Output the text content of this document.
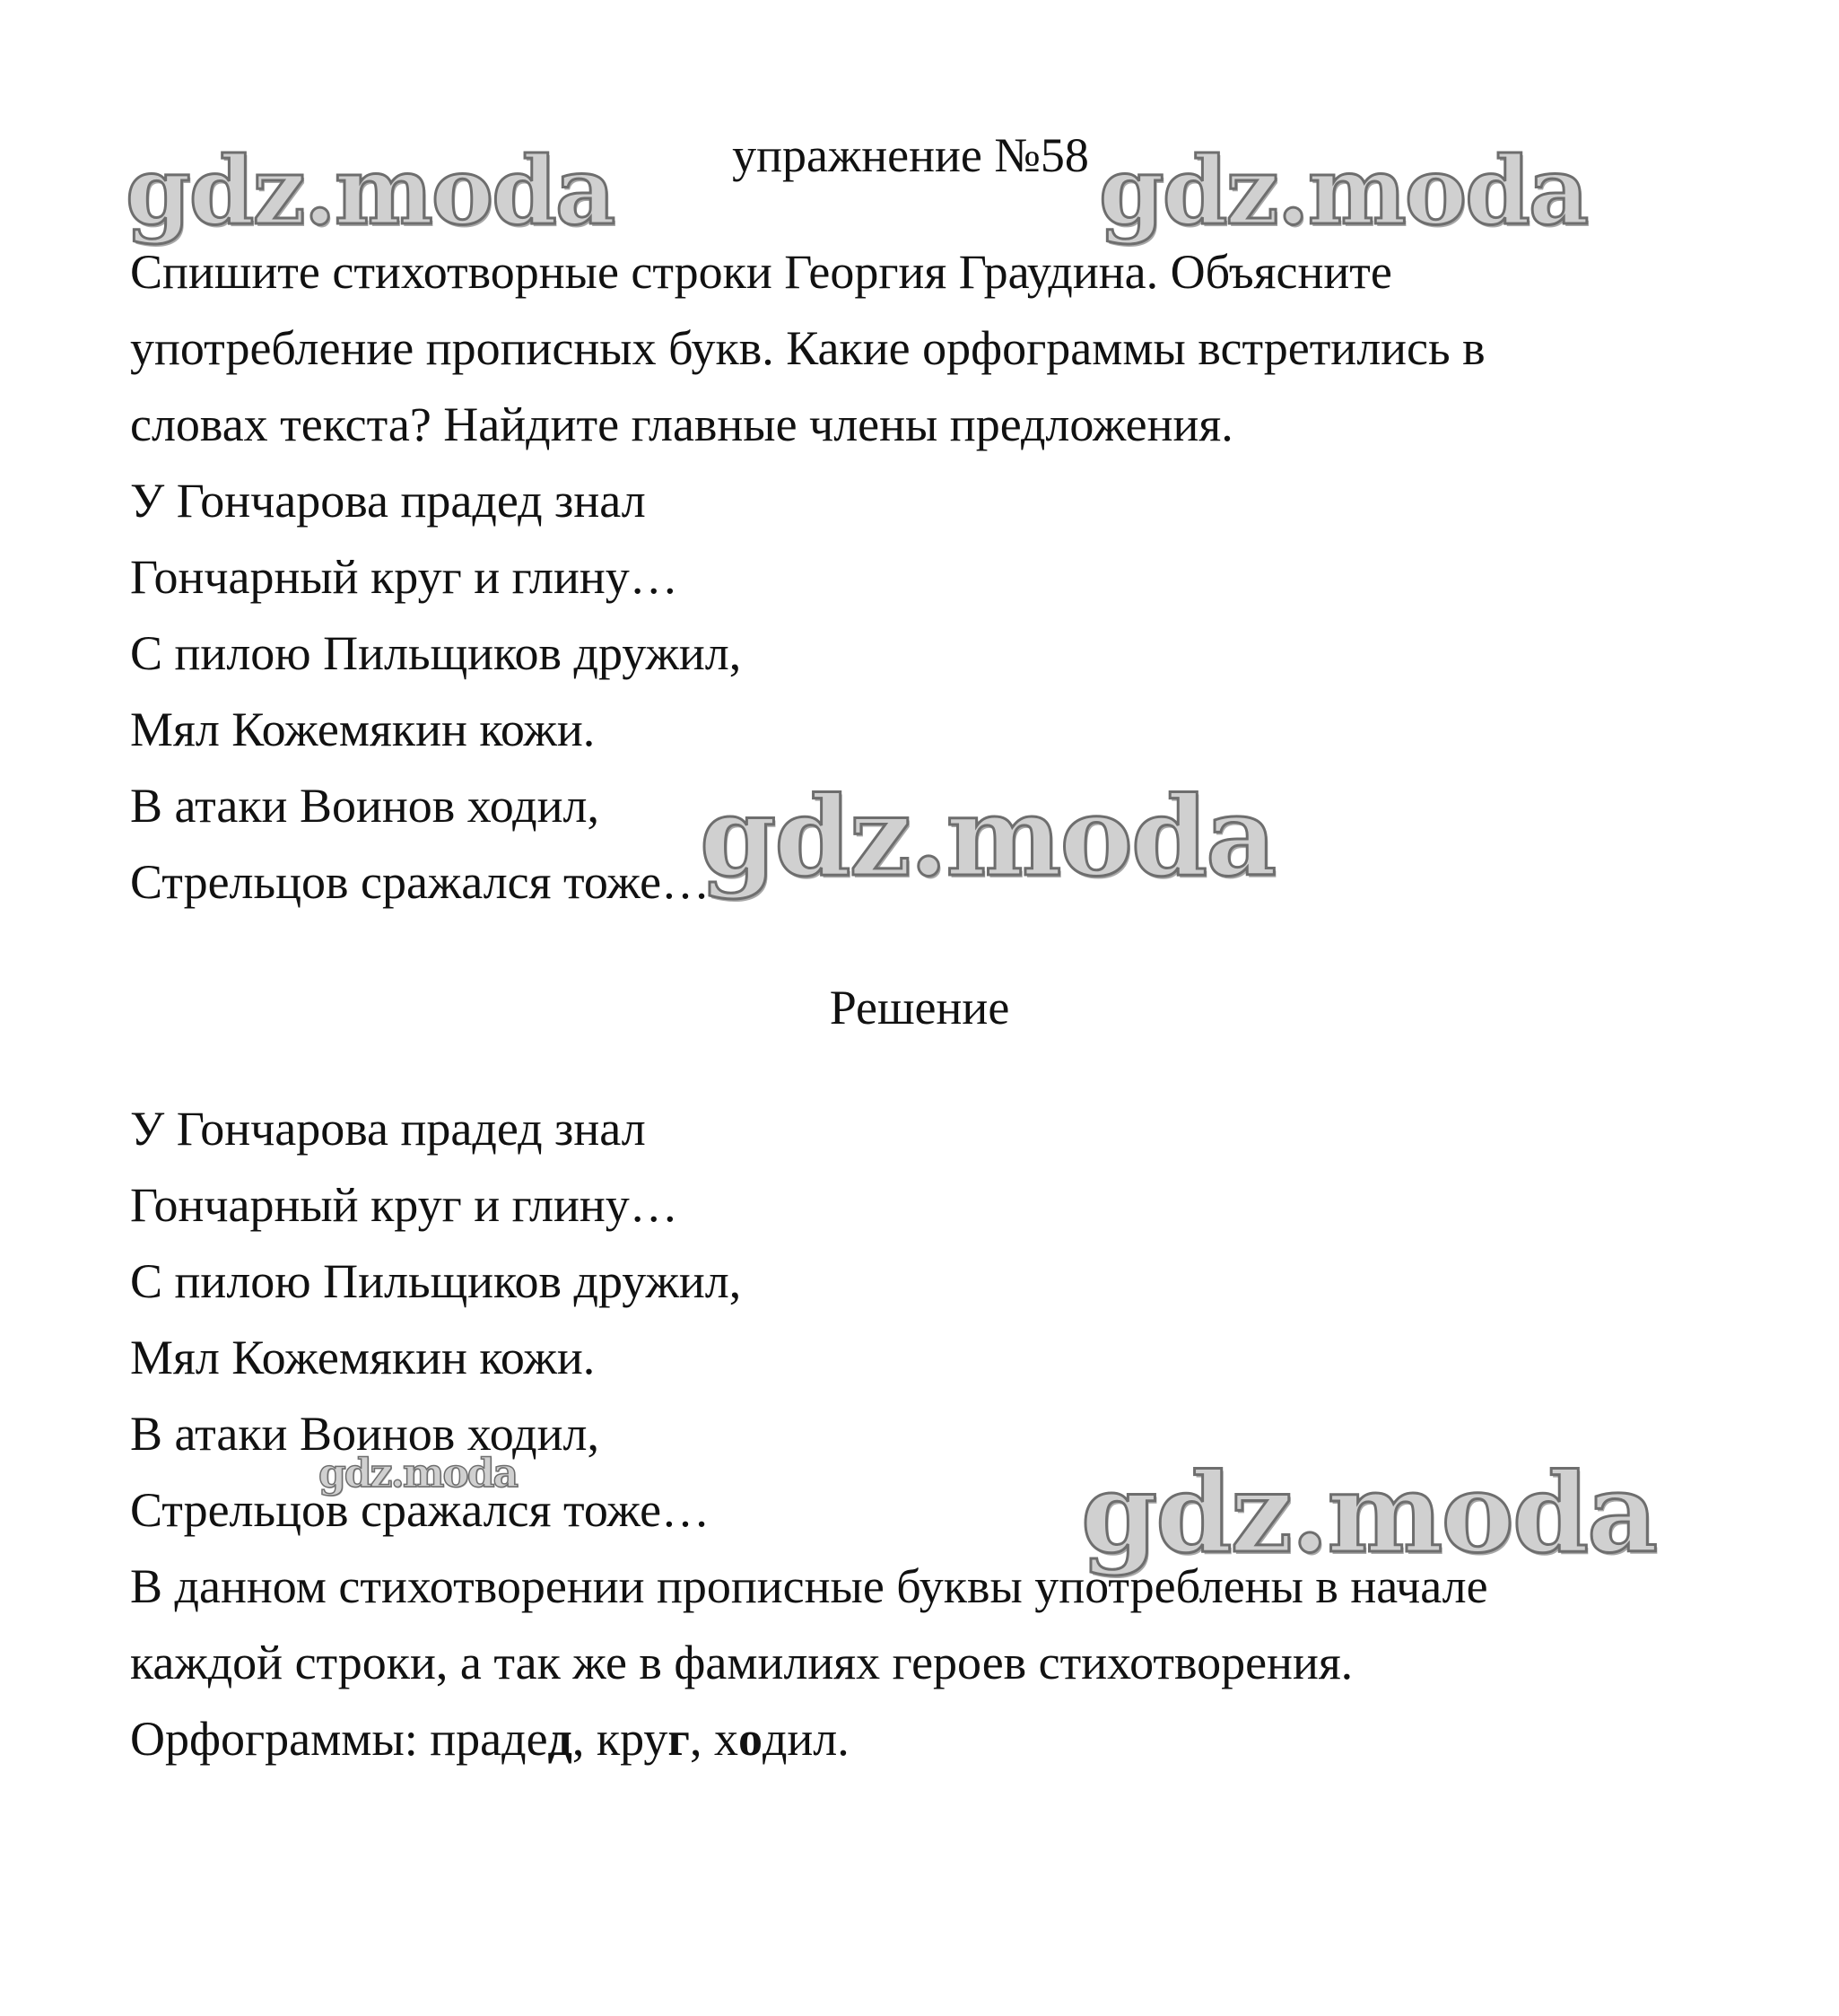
упражнение №58
Спишите стихотворные строки Георгия Граудина. Объясните
употребление прописных букв. Какие орфограммы встретились в
словах текста? Найдите главные члены предложения.
У Гончарова прадед знал
Гончарный круг и глину…
С пилою Пильщиков дружил,
Мял Кожемякин кожи.
В атаки Воинов ходил,
Стрельцов сражался тоже…
Решение
У Гончарова прадед знал
Гончарный круг и глину…
С пилою Пильщиков дружил,
Мял Кожемякин кожи.
В атаки Воинов ходил,
Стрельцов сражался тоже…
В данном стихотворении прописные буквы употреблены в начале
каждой строки, а так же в фамилиях героев стихотворения.
Орфограммы: прадед, круг, ходил.
gdz.moda	gdz.moda
gdz.moda
gdz.moda	gdz.moda
